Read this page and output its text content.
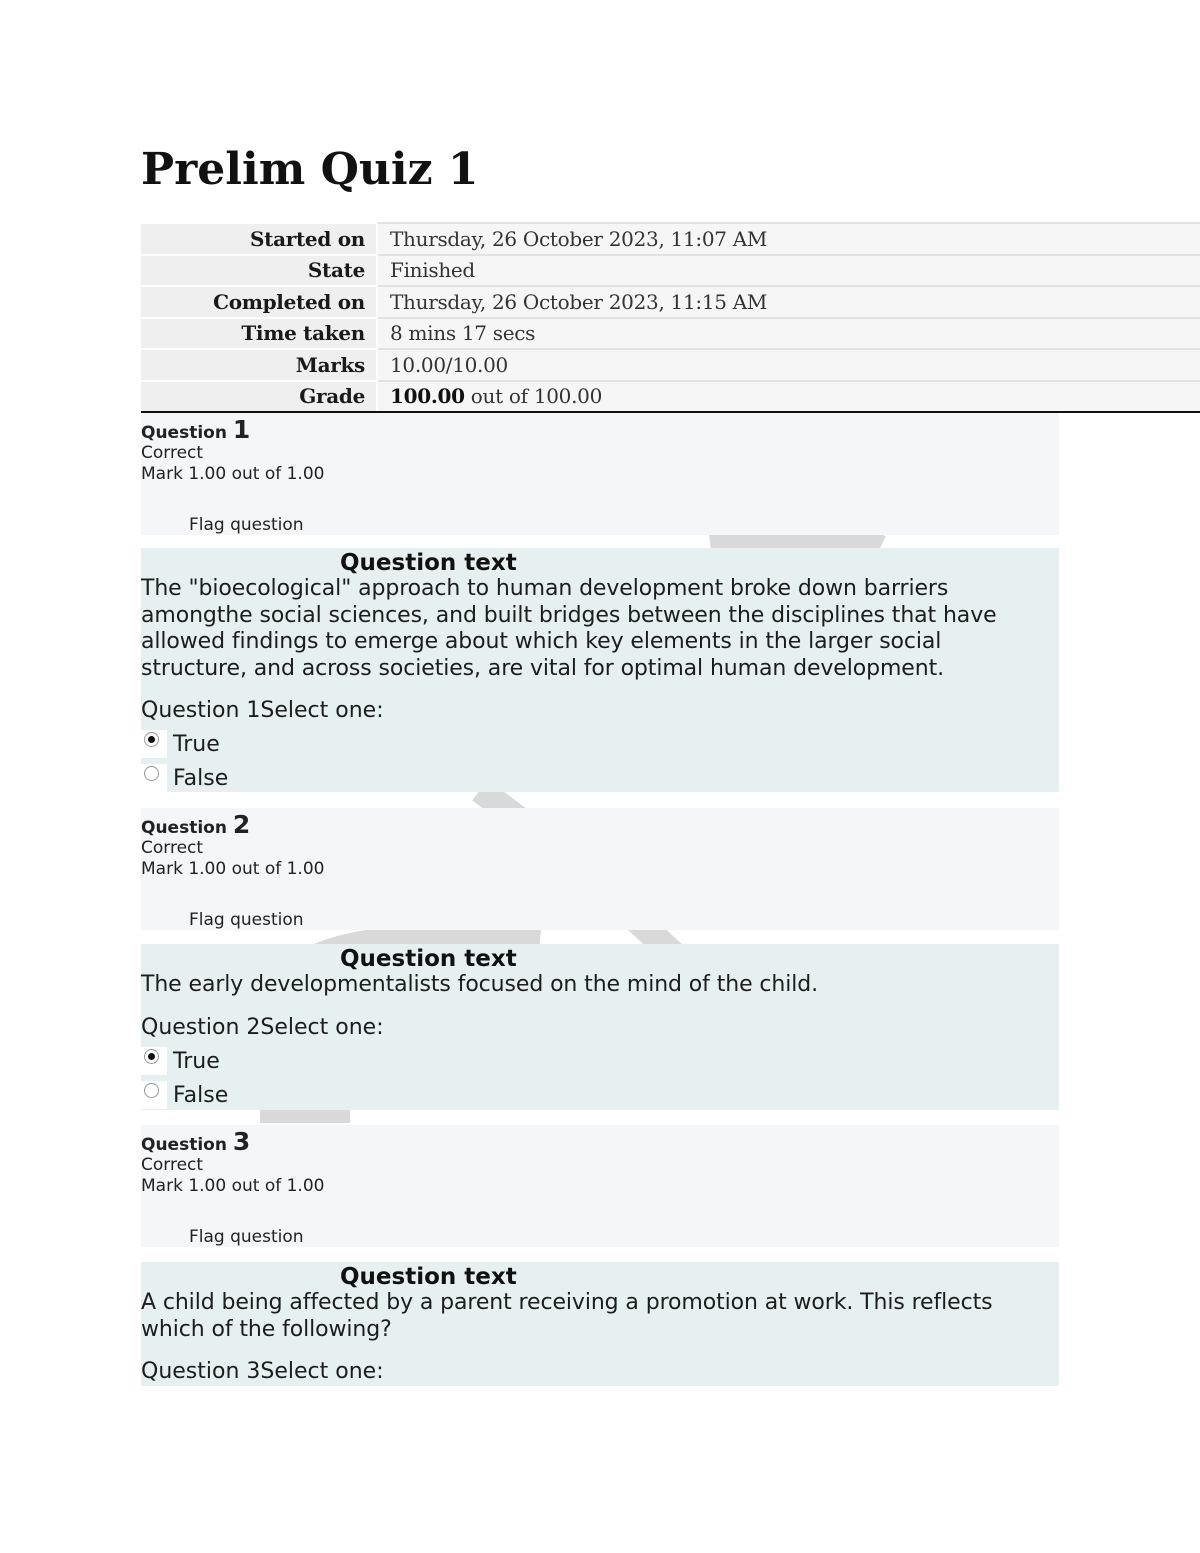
Prelim Quiz 1
Started on	Thursday, 26 October 2023, 11:07 AM
State	Finished
Completed on	Thursday, 26 October 2023, 11:15 AM
Time taken	8 mins 17 secs
Marks	10.00/10.00
Grade	100.00 out of 100.00
Question 1
Correct
Mark 1.00 out of 1.00
Flag question
Question text
The "bioecological" approach to human development broke down barriers amongthe social sciences, and built bridges between the disciplines that have allowed findings to emerge about which key elements in the larger social structure, and across societies, are vital for optimal human development.
Question 1Select one:
True
False
Question 2
Correct
Mark 1.00 out of 1.00
Flag question
Question text
The early developmentalists focused on the mind of the child.
Question 2Select one:
True
False
Question 3
Correct
Mark 1.00 out of 1.00
Flag question
Question text
A child being affected by a parent receiving a promotion at work. This reflects which of the following?
Question 3Select one:
